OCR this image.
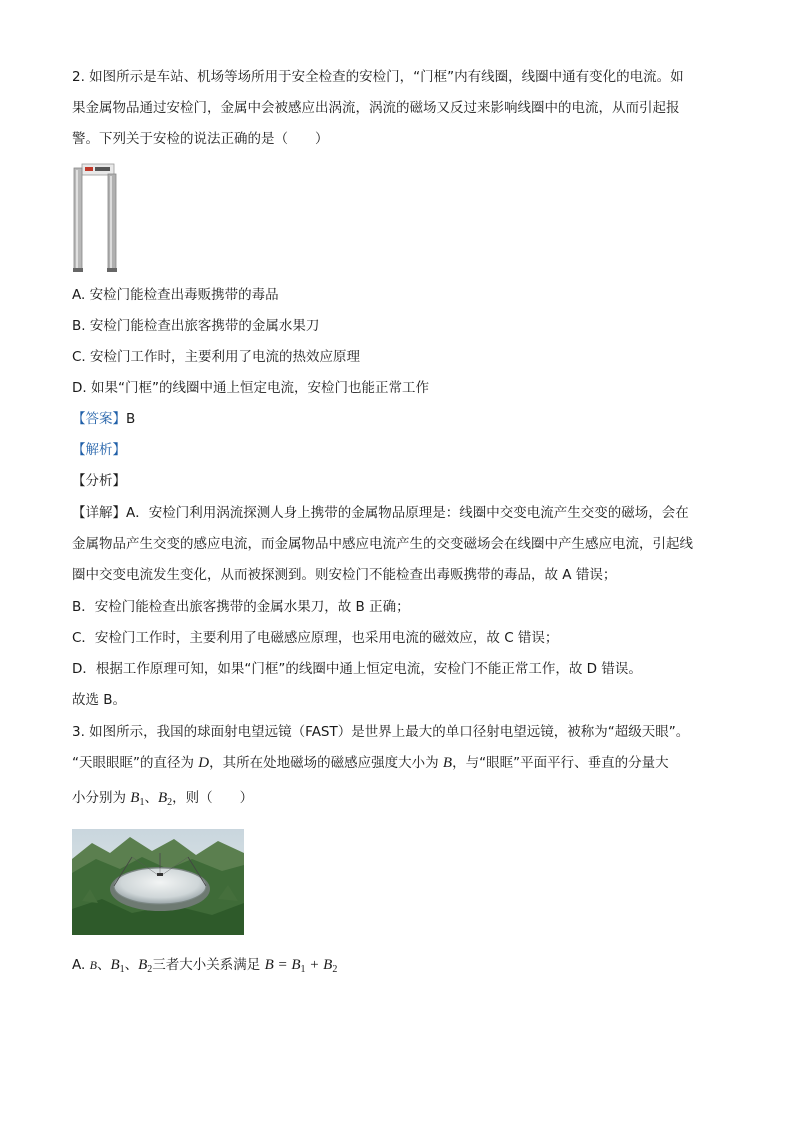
2. 如图所示是车站、机场等场所用于安全检查的安检门，“门框”内有线圈，线圈中通有变化的电流。如
果金属物品通过安检门，金属中会被感应出涡流，涡流的磁场又反过来影响线圈中的电流，从而引起报
警。下列关于安检的说法正确的是（　　）
A. 安检门能检查出毒贩携带的毒品
B. 安检门能检查出旅客携带的金属水果刀
C. 安检门工作时，主要利用了电流的热效应原理
D. 如果“门框”的线圈中通上恒定电流，安检门也能正常工作
【答案】B
【解析】
【分析】
【详解】A．安检门利用涡流探测人身上携带的金属物品原理是：线圈中交变电流产生交变的磁场，会在
金属物品产生交变的感应电流，而金属物品中感应电流产生的交变磁场会在线圈中产生感应电流，引起线
圈中交变电流发生变化，从而被探测到。则安检门不能检查出毒贩携带的毒品，故 A 错误；
B．安检门能检查出旅客携带的金属水果刀，故 B 正确；
C．安检门工作时，主要利用了电磁感应原理，也采用电流的磁效应，故 C 错误；
D．根据工作原理可知，如果“门框”的线圈中通上恒定电流，安检门不能正常工作，故 D 错误。
故选 B。
3. 如图所示，我国的球面射电望远镜（FAST）是世界上最大的单口径射电望远镜，被称为“超级天眼”。
“天眼眼眶”的直径为 D，其所在处地磁场的磁感应强度大小为 B，与“眼眶”平面平行、垂直的分量大
小分别为 $B_1$、$B_2$，则（　　）
A. B、$B_1$、$B_2$三者大小关系满足 $B = B_1 + B_2$
